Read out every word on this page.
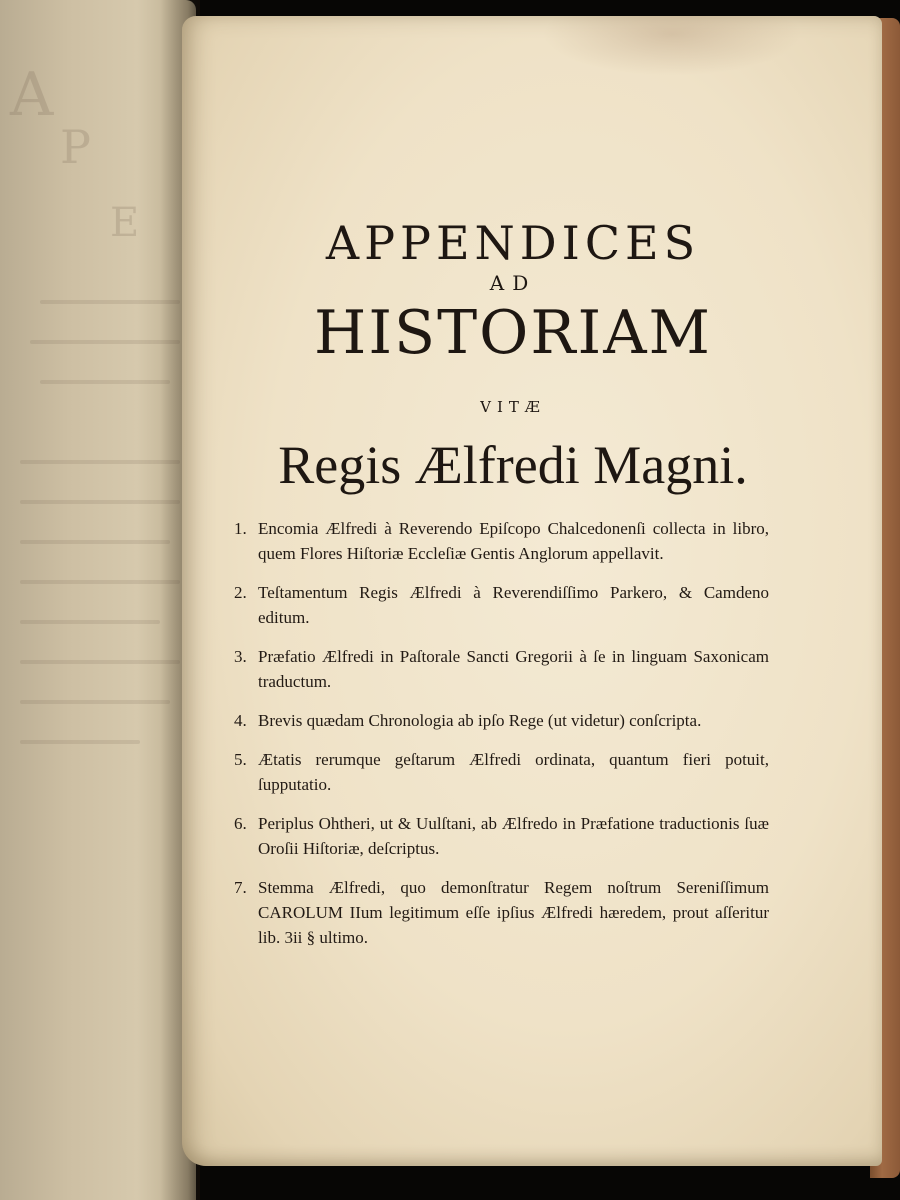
A
P
E	APPENDICES
AD
HISTORIAM
VITÆ
Regis Ælfredi Magni.
1. Encomia Ælfredi à Reverendo Epiſcopo Chalcedonenſi collecta in libro, quem Flores Hiſtoriæ Eccleſiæ Gentis Anglorum appellavit.
2. Teſtamentum Regis Ælfredi à Reverendiſſimo Parkero, & Camdeno editum.
3. Præfatio Ælfredi in Paſtorale Sancti Gregorii à ſe in linguam Saxonicam traductum.
4. Brevis quædam Chronologia ab ipſo Rege (ut videtur) conſcripta.
5. Ætatis rerumque geſtarum Ælfredi ordinata, quantum fieri potuit, ſupputatio.
6. Periplus Ohtheri, ut & Uulſtani, ab Ælfredo in Præfatione traductionis ſuæ Oroſii Hiſtoriæ, deſcriptus.
7. Stemma Ælfredi, quo demonſtratur Regem noſtrum Sereniſſimum CAROLUM IIum legitimum eſſe ipſius Ælfredi hæredem, prout aſſeritur lib. 3ii § ultimo.
